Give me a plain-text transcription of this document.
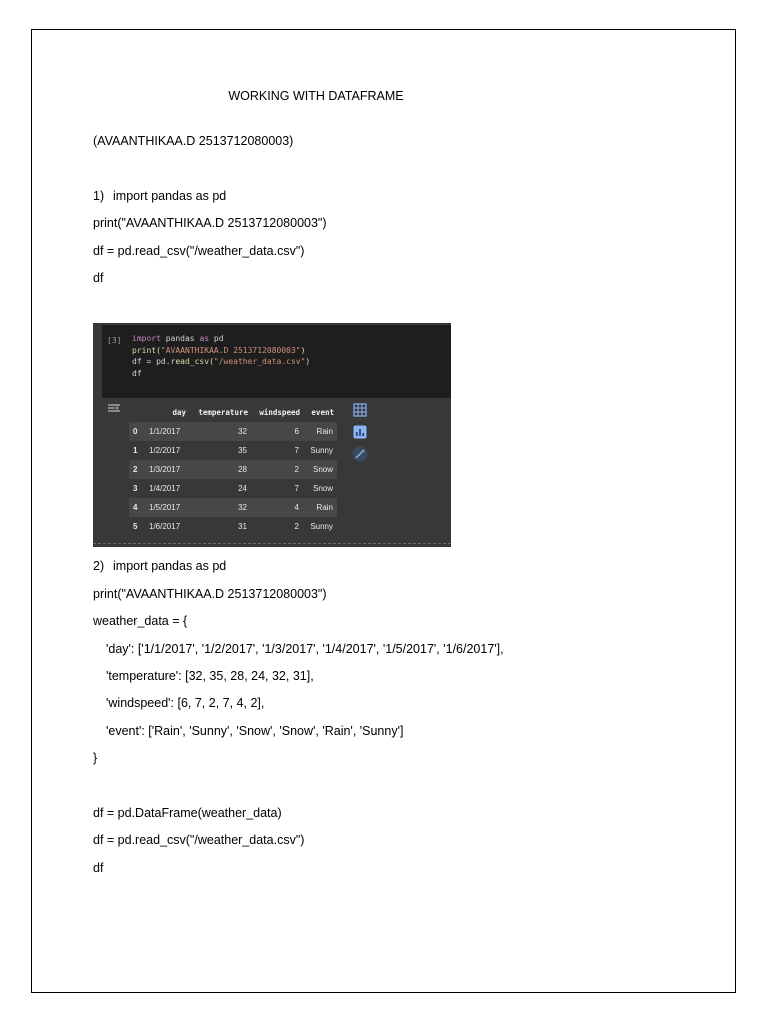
WORKING WITH DATAFRAME
(AVAANTHIKAA.D 2513712080003)
1) import pandas as pd
print("AVAANTHIKAA.D 2513712080003")
df = pd.read_csv("/weather_data.csv")
df
[3] import pandas as pd
print("AVAANTHIKAA.D 2513712080003")
df = pd.read_csv("/weather_data.csv")
df
	day	temperature	windspeed	event
0	1/1/2017	32	6	Rain
1	1/2/2017	35	7	Sunny
2	1/3/2017	28	2	Snow
3	1/4/2017	24	7	Snow
4	1/5/2017	32	4	Rain
5	1/6/2017	31	2	Sunny
2) import pandas as pd
print("AVAANTHIKAA.D 2513712080003")
weather_data = {
'day': ['1/1/2017', '1/2/2017', '1/3/2017', '1/4/2017', '1/5/2017', '1/6/2017'],
'temperature': [32, 35, 28, 24, 32, 31],
'windspeed': [6, 7, 2, 7, 4, 2],
'event': ['Rain', 'Sunny', 'Snow', 'Snow', 'Rain', 'Sunny']
}
df = pd.DataFrame(weather_data)
df = pd.read_csv("/weather_data.csv")
df
